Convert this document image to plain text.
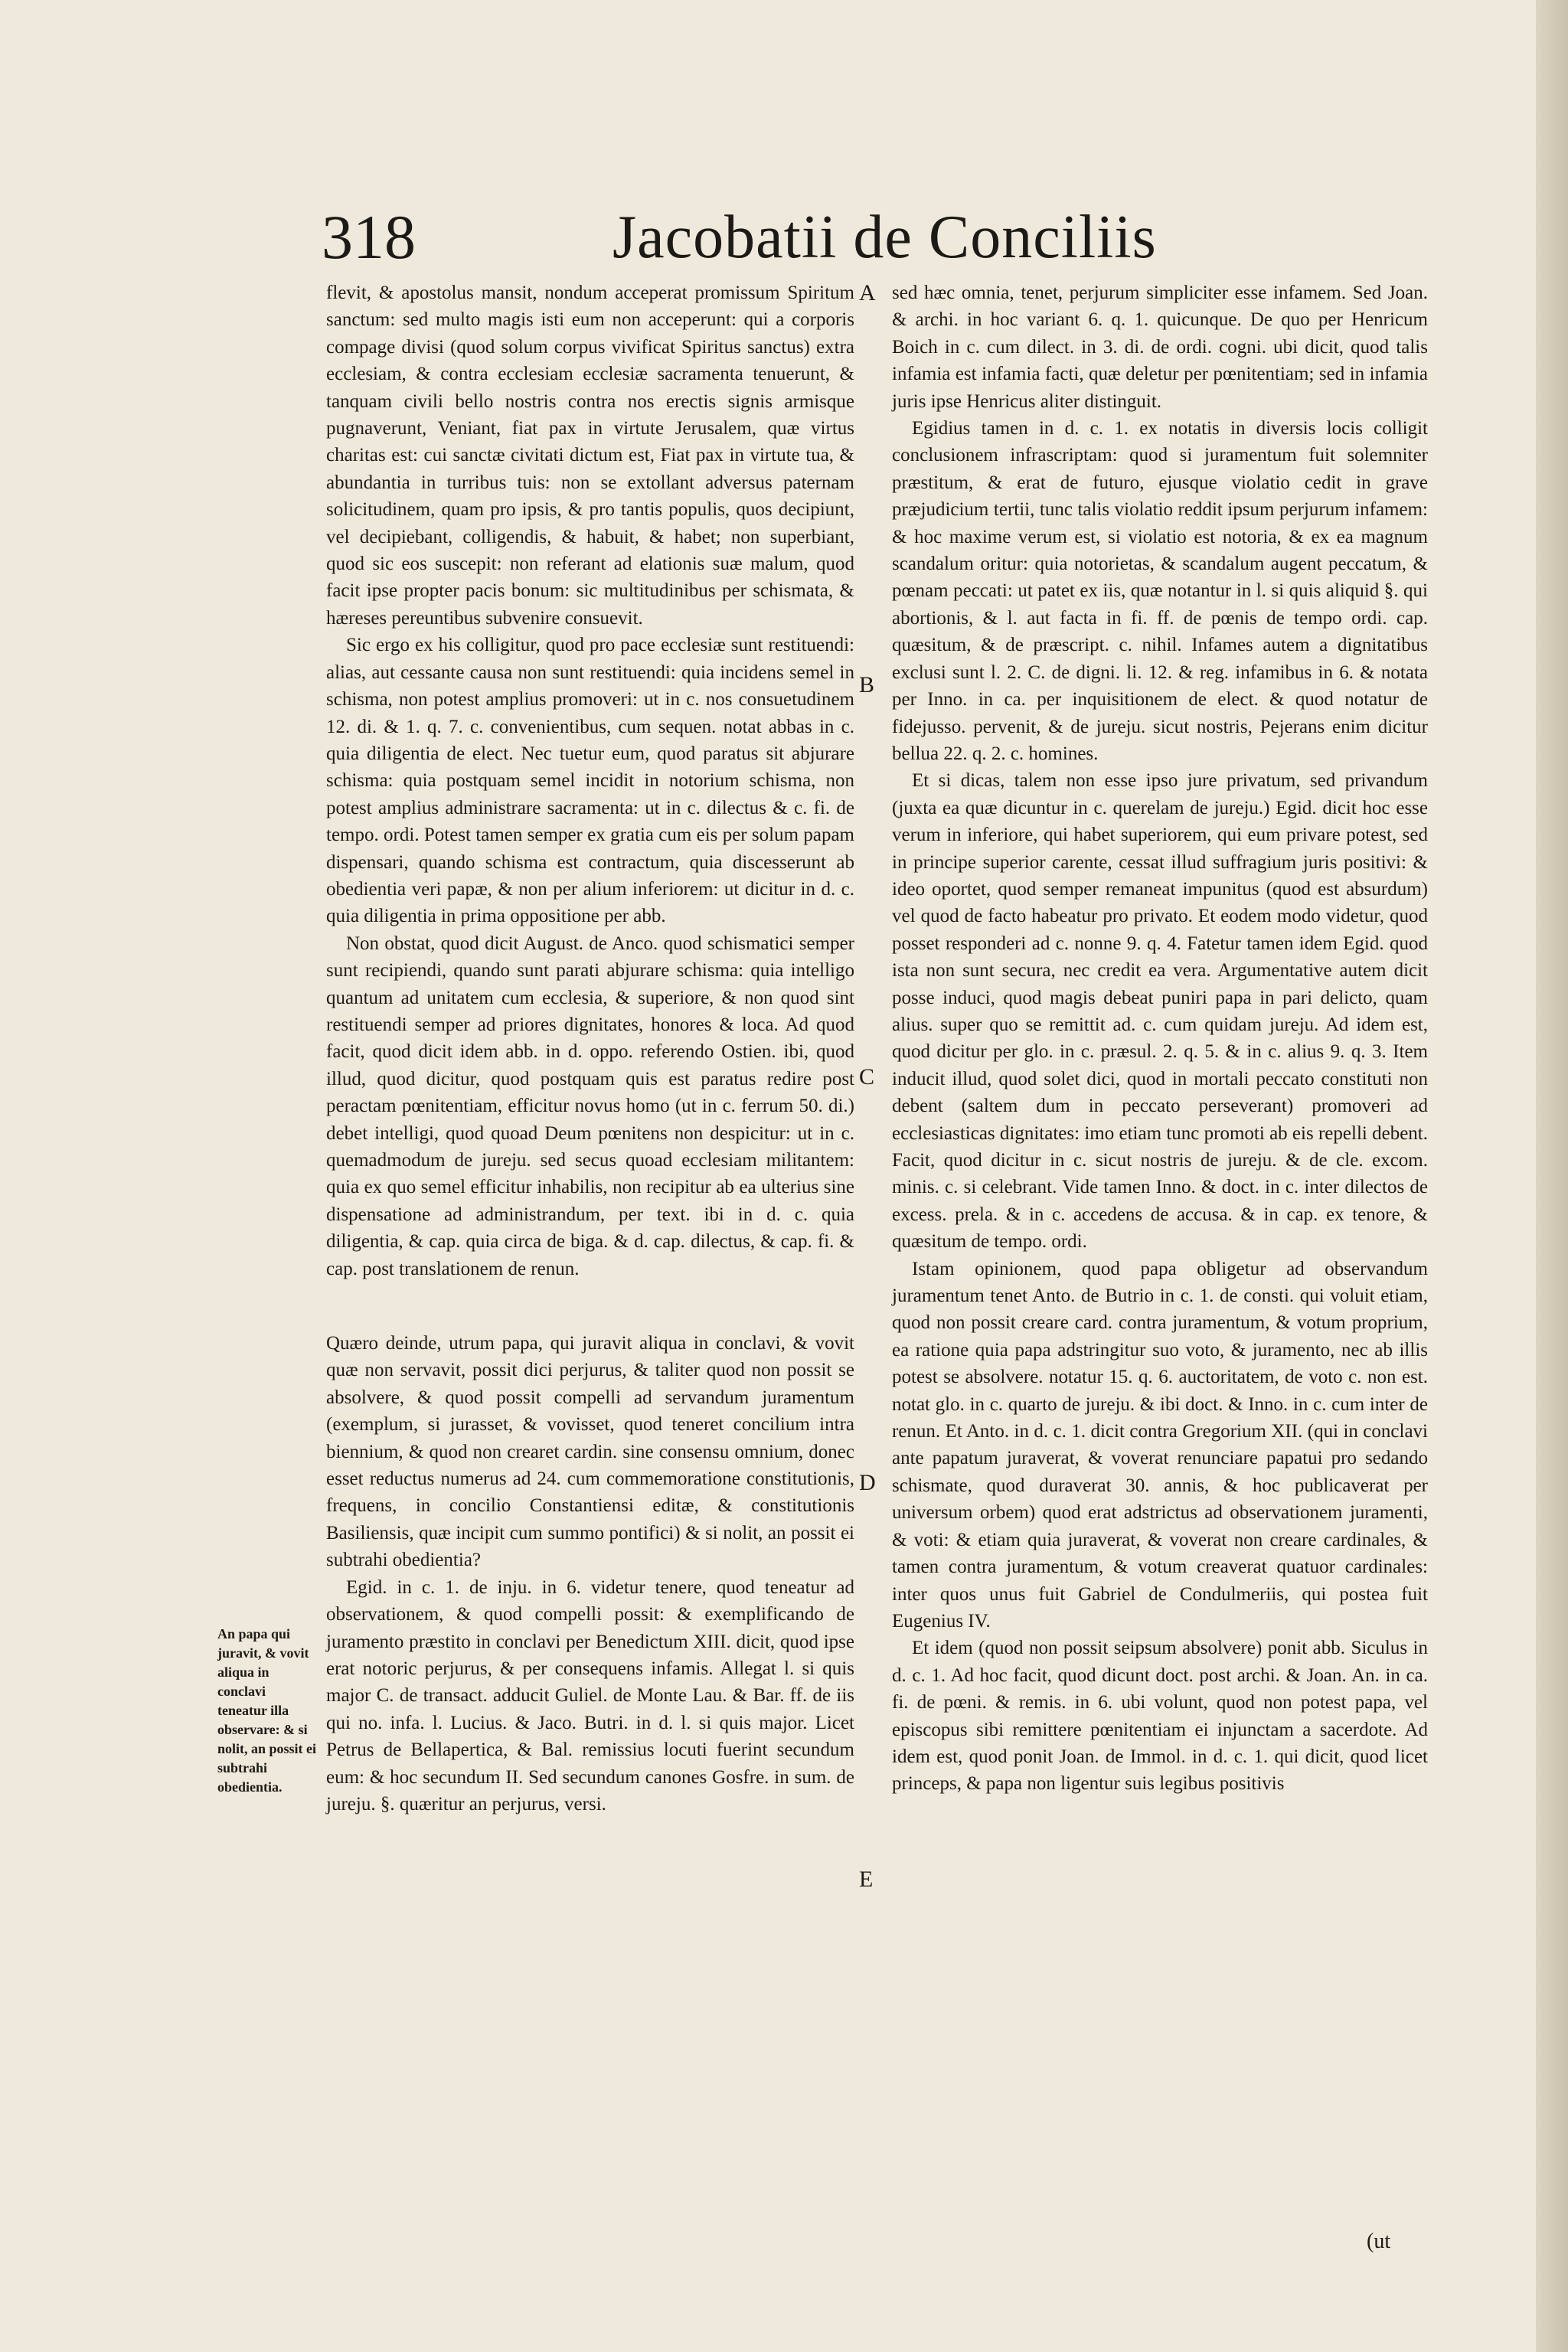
318	Jacobatii de Conciliis

flevit, & apostolus mansit, nondum acceperat promissum Spiritum sanctum: sed multo magis isti eum non acceperunt: qui a corporis compage divisi (quod solum corpus vivificat Spiritus sanctus) extra ecclesiam, & contra ecclesiam ecclesiæ sacramenta tenuerunt, & tanquam civili bello nostris contra nos erectis signis armisque pugnaverunt, Veniant, fiat pax in virtute Jerusalem, quæ virtus charitas est: cui sanctæ civitati dictum est, Fiat pax in virtute tua, & abundantia in turribus tuis: non se extollant adversus paternam solicitudinem, quam pro ipsis, & pro tantis populis, quos decipiunt, vel decipiebant, colligendis, & habuit, & habet; non superbiant, quod sic eos suscepit: non referant ad elationis suæ malum, quod facit ipse propter pacis bonum: sic multitudinibus per schismata, & hæreses pereuntibus subvenire consuevit.

Sic ergo ex his colligitur, quod pro pace ecclesiæ sunt restituendi: alias, aut cessante causa non sunt restituendi: quia incidens semel in schisma, non potest amplius promoveri: ut in c. nos consuetudinem 12. di. & 1. q. 7. c. convenientibus, cum sequen. notat abbas in c. quia diligentia de elect. Nec tuetur eum, quod paratus sit abjurare schisma: quia postquam semel incidit in notorium schisma, non potest amplius administrare sacramenta: ut in c. dilectus & c. fi. de tempo. ordi. Potest tamen semper ex gratia cum eis per solum papam dispensari, quando schisma est contractum, quia discesserunt ab obedientia veri papæ, & non per alium inferiorem: ut dicitur in d. c. quia diligentia in prima oppositione per abb.

Non obstat, quod dicit August. de Anco. quod schismatici semper sunt recipiendi, quando sunt parati abjurare schisma: quia intelligo quantum ad unitatem cum ecclesia, & superiore, & non quod sint restituendi semper ad priores dignitates, honores & loca. Ad quod facit, quod dicit idem abb. in d. oppo. referendo Ostien. ibi, quod illud, quod dicitur, quod postquam quis est paratus redire post peractam pœnitentiam, efficitur novus homo (ut in c. ferrum 50. di.) debet intelligi, quod quoad Deum pœnitens non despicitur: ut in c. quemadmodum de jureju. sed secus quoad ecclesiam militantem: quia ex quo semel efficitur inhabilis, non recipitur ab ea ulterius sine dispensatione ad administrandum, per text. ibi in d. c. quia diligentia, & cap. quia circa de biga. & d. cap. dilectus, & cap. fi. & cap. post translationem de renun.

Quæro deinde, utrum papa, qui juravit aliqua in conclavi, & vovit quæ non servavit, possit dici perjurus, & taliter quod non possit se absolvere, & quod possit compelli ad servandum juramentum (exemplum, si jurasset, & vovisset, quod teneret concilium intra biennium, & quod non crearet cardin. sine consensu omnium, donec esset reductus numerus ad 24. cum commemoratione constitutionis, frequens, in concilio Constantiensi editæ, & constitutionis Basiliensis, quæ incipit cum summo pontifici) & si nolit, an possit ei subtrahi obedientia?

Egid. in c. 1. de inju. in 6. videtur tenere, quod teneatur ad observationem, & quod compelli possit: & exemplificando de juramento præstito in conclavi per Benedictum XIII. dicit, quod ipse erat notoric perjurus, & per consequens infamis. Allegat l. si quis major C. de transact. adducit Guliel. de Monte Lau. & Bar. ff. de iis qui no. infa. l. Lucius. & Jaco. Butri. in d. l. si quis major. Licet Petrus de Bellapertica, & Bal. remissius locuti fuerint secundum eum: & hoc secundum II. Sed secundum canones Gosfre. in sum. de jureju. §. quæritur an perjurus, versi.

An papa qui juravit, & vovit aliqua in conclavi teneatur illa observare: & si nolit, an possit ei subtrahi obedientia.
A
B
C
D
E

sed hæc omnia, tenet, perjurum simpliciter esse infamem. Sed Joan. & archi. in hoc variant 6. q. 1. quicunque. De quo per Henricum Boich in c. cum dilect. in 3. di. de ordi. cogni. ubi dicit, quod talis infamia est infamia facti, quæ deletur per pœnitentiam; sed in infamia juris ipse Henricus aliter distinguit.

Egidius tamen in d. c. 1. ex notatis in diversis locis colligit conclusionem infrascriptam: quod si juramentum fuit solemniter præstitum, & erat de futuro, ejusque violatio cedit in grave præjudicium tertii, tunc talis violatio reddit ipsum perjurum infamem: & hoc maxime verum est, si violatio est notoria, & ex ea magnum scandalum oritur: quia notorietas, & scandalum augent peccatum, & pœnam peccati: ut patet ex iis, quæ notantur in l. si quis aliquid §. qui abortionis, & l. aut facta in fi. ff. de pœnis de tempo ordi. cap. quæsitum, & de præscript. c. nihil. Infames autem a dignitatibus exclusi sunt l. 2. C. de digni. li. 12. & reg. infamibus in 6. & notata per Inno. in ca. per inquisitionem de elect. & quod notatur de fidejusso. pervenit, & de jureju. sicut nostris, Pejerans enim dicitur bellua 22. q. 2. c. homines.

Et si dicas, talem non esse ipso jure privatum, sed privandum (juxta ea quæ dicuntur in c. querelam de jureju.) Egid. dicit hoc esse verum in inferiore, qui habet superiorem, qui eum privare potest, sed in principe superior carente, cessat illud suffragium juris positivi: & ideo oportet, quod semper remaneat impunitus (quod est absurdum) vel quod de facto habeatur pro privato. Et eodem modo videtur, quod posset responderi ad c. nonne 9. q. 4. Fatetur tamen idem Egid. quod ista non sunt secura, nec credit ea vera. Argumentative autem dicit posse induci, quod magis debeat puniri papa in pari delicto, quam alius. super quo se remittit ad. c. cum quidam jureju. Ad idem est, quod dicitur per glo. in c. præsul. 2. q. 5. & in c. alius 9. q. 3. Item inducit illud, quod solet dici, quod in mortali peccato constituti non debent (saltem dum in peccato perseverant) promoveri ad ecclesiasticas dignitates: imo etiam tunc promoti ab eis repelli debent. Facit, quod dicitur in c. sicut nostris de jureju. & de cle. excom. minis. c. si celebrant. Vide tamen Inno. & doct. in c. inter dilectos de excess. prela. & in c. accedens de accusa. & in cap. ex tenore, & quæsitum de tempo. ordi.

Istam opinionem, quod papa obligetur ad observandum juramentum tenet Anto. de Butrio in c. 1. de consti. qui voluit etiam, quod non possit creare card. contra juramentum, & votum proprium, ea ratione quia papa adstringitur suo voto, & juramento, nec ab illis potest se absolvere. notatur 15. q. 6. auctoritatem, de voto c. non est. notat glo. in c. quarto de jureju. & ibi doct. & Inno. in c. cum inter de renun. Et Anto. in d. c. 1. dicit contra Gregorium XII. (qui in conclavi ante papatum juraverat, & voverat renunciare papatui pro sedando schismate, quod duraverat 30. annis, & hoc publicaverat per universum orbem) quod erat adstrictus ad observationem juramenti, & voti: & etiam quia juraverat, & voverat non creare cardinales, & tamen contra juramentum, & votum creaverat quatuor cardinales: inter quos unus fuit Gabriel de Condulmeriis, qui postea fuit Eugenius IV.

Et idem (quod non possit seipsum absolvere) ponit abb. Siculus in d. c. 1. Ad hoc facit, quod dicunt doct. post archi. & Joan. An. in ca. fi. de pœni. & remis. in 6. ubi volunt, quod non potest papa, vel episcopus sibi remittere pœnitentiam ei injunctam a sacerdote. Ad idem est, quod ponit Joan. de Immol. in d. c. 1. qui dicit, quod licet princeps, & papa non ligentur suis legibus positivis

(ut
